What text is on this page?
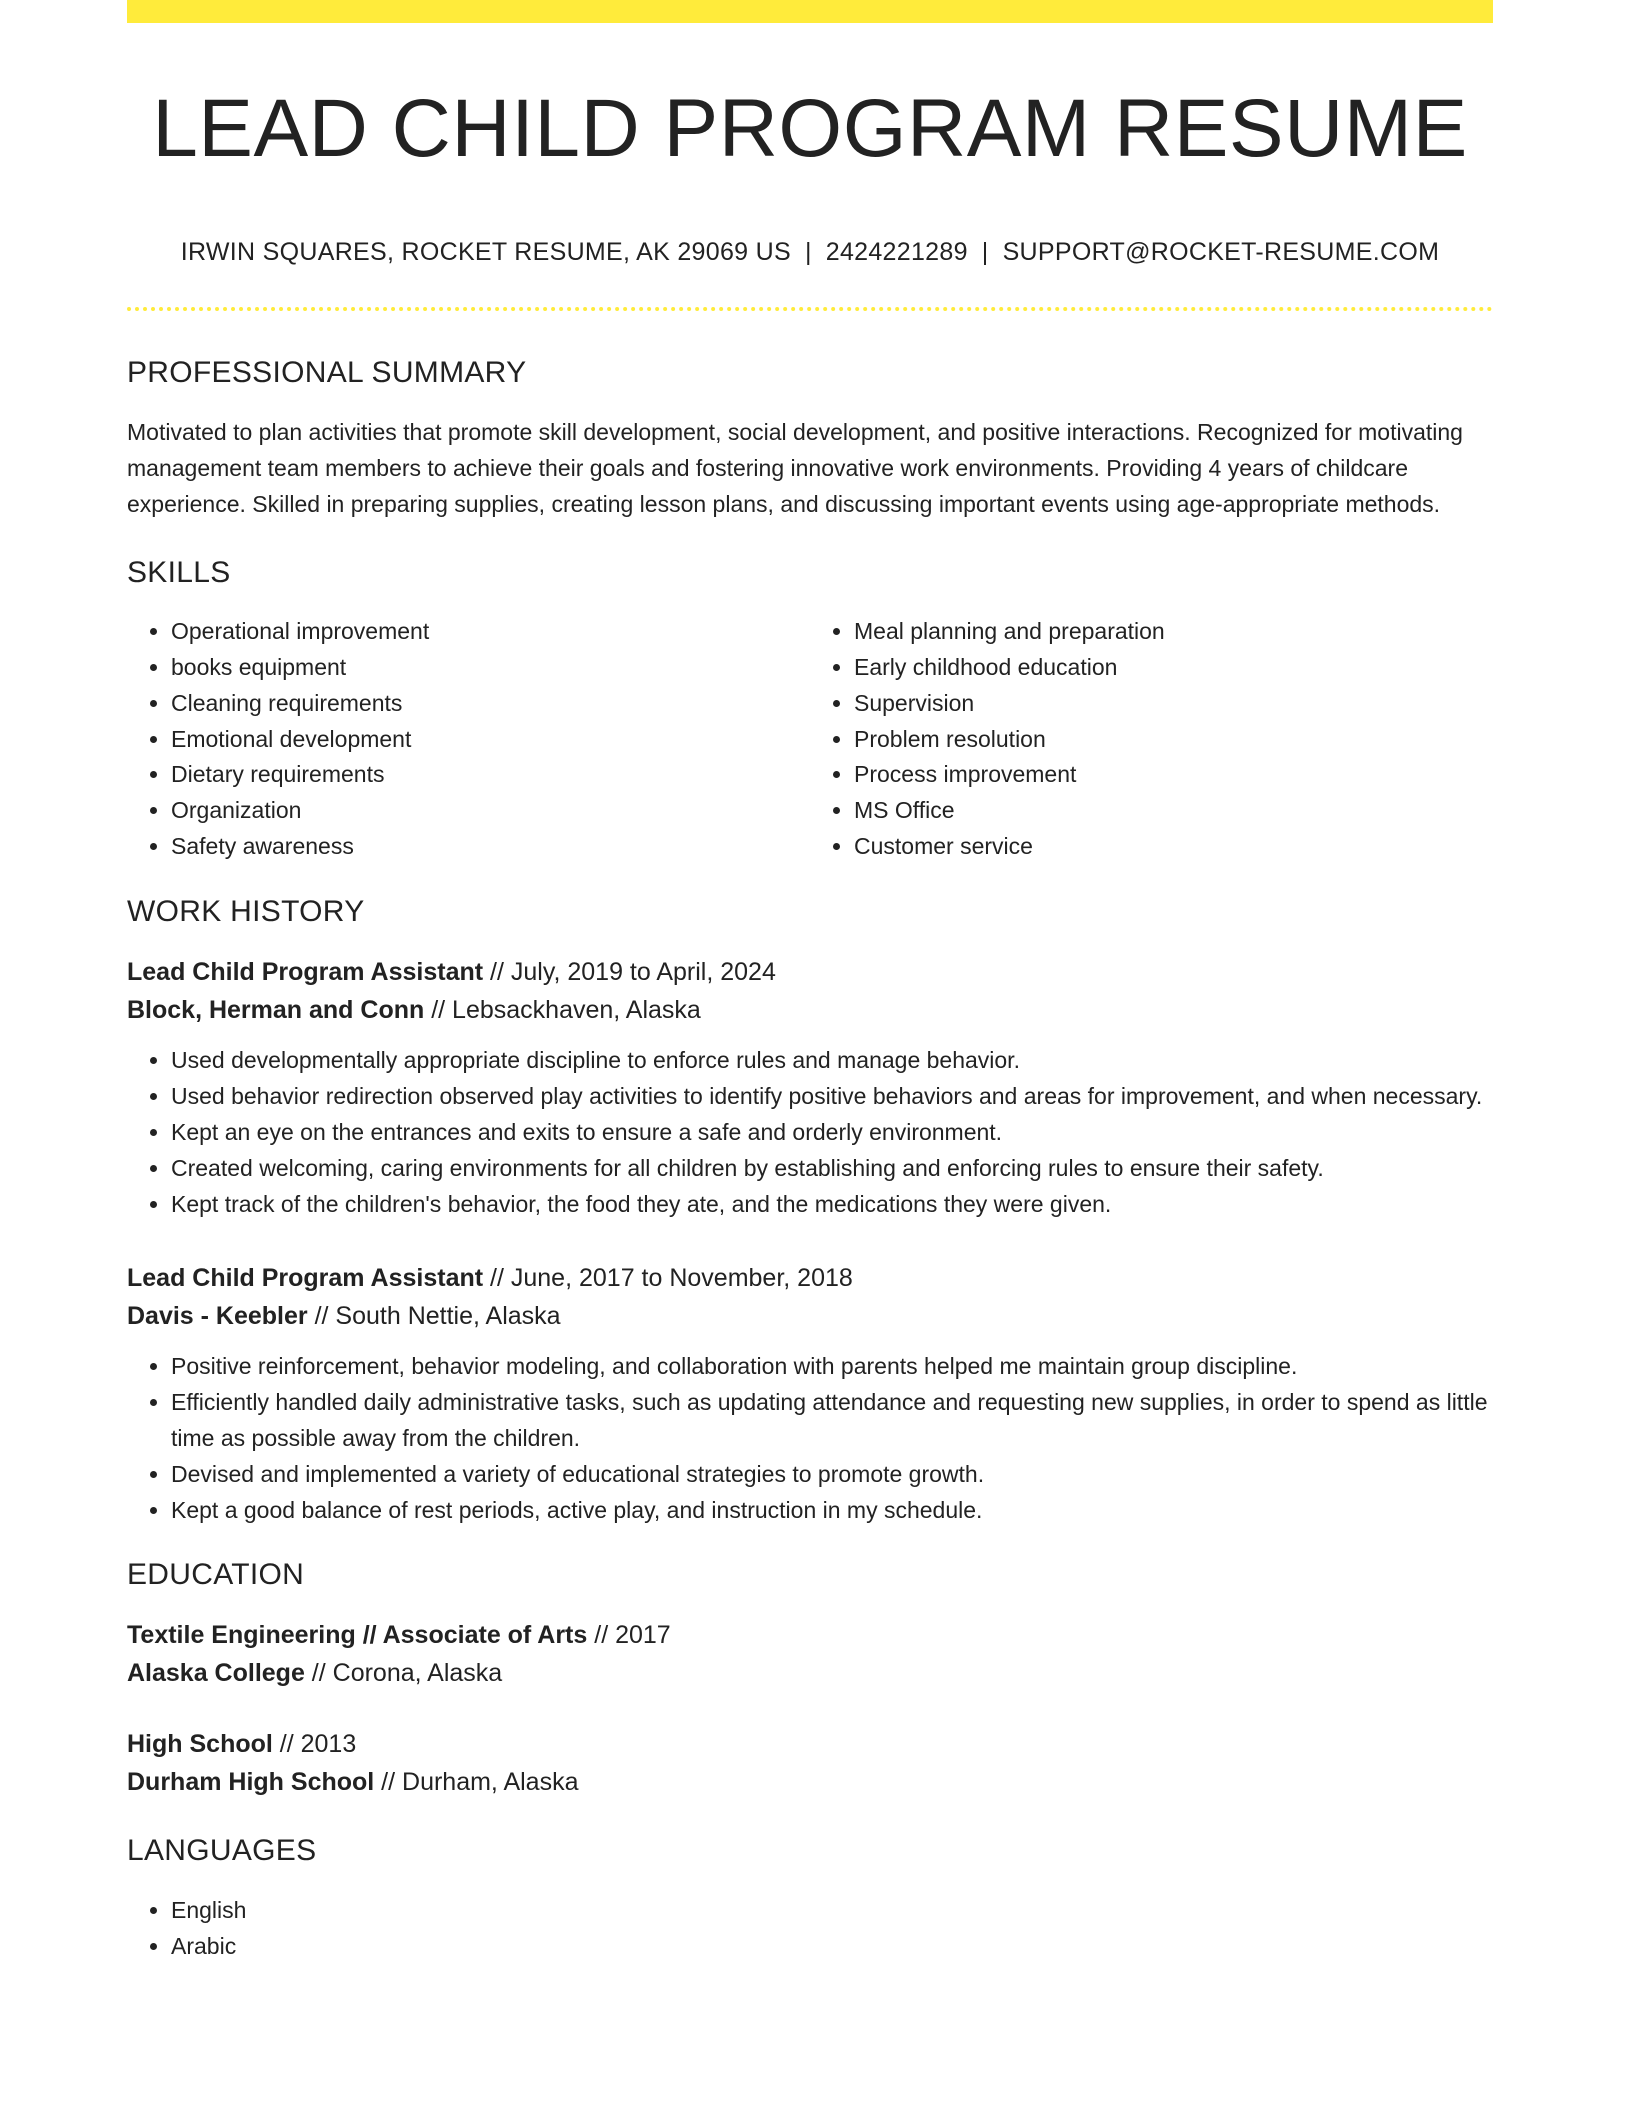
LEAD CHILD PROGRAM RESUME
IRWIN SQUARES, ROCKET RESUME, AK 29069 US | 2424221289 | SUPPORT@ROCKET-RESUME.COM
PROFESSIONAL SUMMARY

Motivated to plan activities that promote skill development, social development, and positive interactions. Recognized for motivating management team members to achieve their goals and fostering innovative work environments. Providing 4 years of childcare experience. Skilled in preparing supplies, creating lesson plans, and discussing important events using age-appropriate methods.

SKILLS
• Operational improvement
• books equipment
• Cleaning requirements
• Emotional development
• Dietary requirements
• Organization
• Safety awareness
• Meal planning and preparation
• Early childhood education
• Supervision
• Problem resolution
• Process improvement
• MS Office
• Customer service
WORK HISTORY
Lead Child Program Assistant // July, 2019 to April, 2024
Block, Herman and Conn // Lebsackhaven, Alaska
• Used developmentally appropriate discipline to enforce rules and manage behavior.
• Used behavior redirection observed play activities to identify positive behaviors and areas for improvement, and when necessary.
• Kept an eye on the entrances and exits to ensure a safe and orderly environment.
• Created welcoming, caring environments for all children by establishing and enforcing rules to ensure their safety.
• Kept track of the children's behavior, the food they ate, and the medications they were given.
Lead Child Program Assistant // June, 2017 to November, 2018
Davis - Keebler // South Nettie, Alaska
• Positive reinforcement, behavior modeling, and collaboration with parents helped me maintain group discipline.
• Efficiently handled daily administrative tasks, such as updating attendance and requesting new supplies, in order to spend as little time as possible away from the children.
• Devised and implemented a variety of educational strategies to promote growth.
• Kept a good balance of rest periods, active play, and instruction in my schedule.
EDUCATION
Textile Engineering // Associate of Arts // 2017
Alaska College // Corona, Alaska
High School // 2013
Durham High School // Durham, Alaska
LANGUAGES
• English
• Arabic
